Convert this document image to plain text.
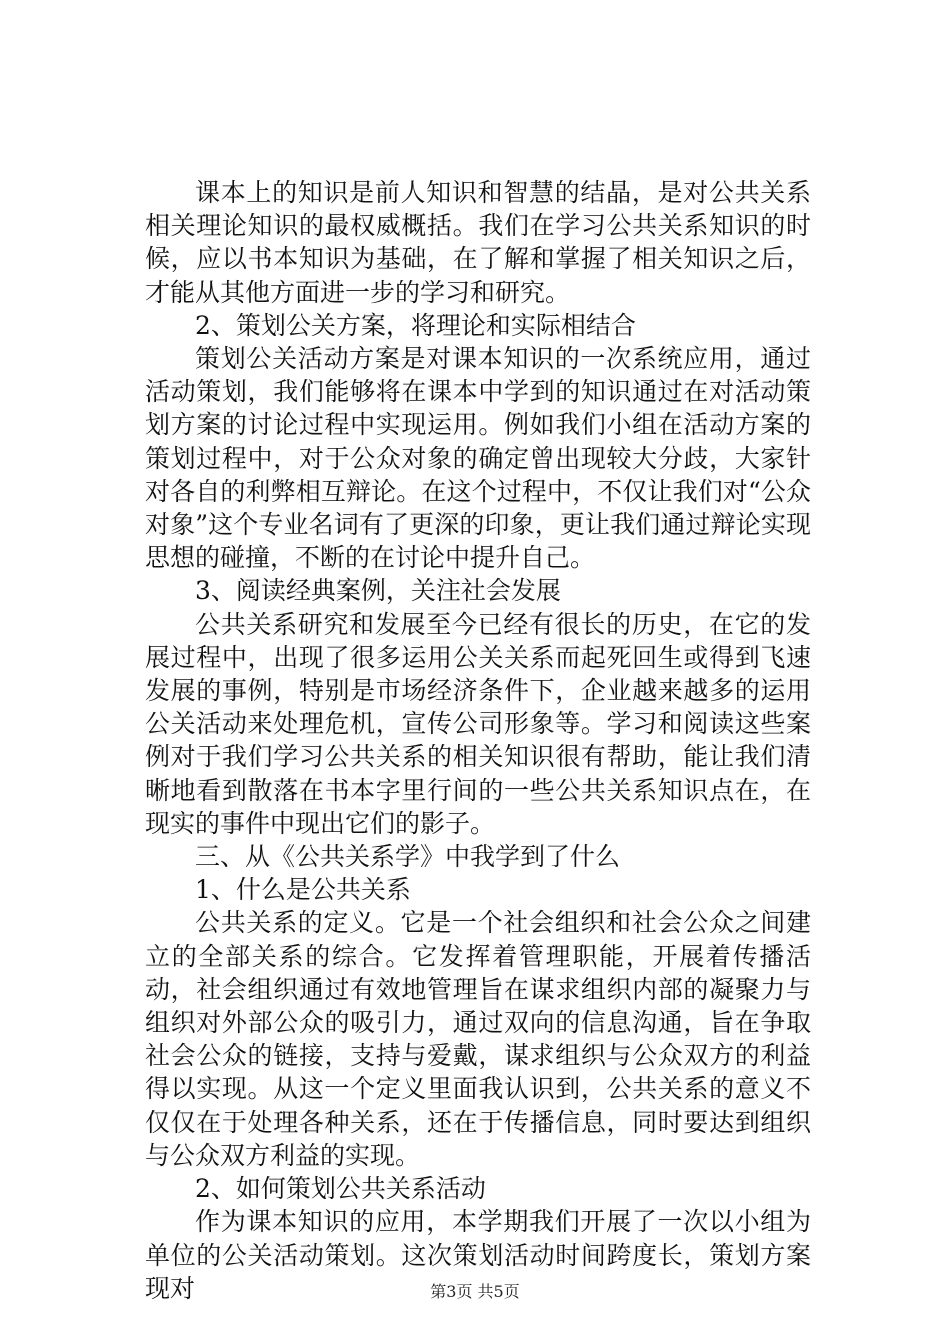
课本上的知识是前人知识和智慧的结晶，是对公共关系相关理论知识的最权威概括。我们在学习公共关系知识的时候，应以书本知识为基础，在了解和掌握了相关知识之后，才能从其他方面进一步的学习和研究。

2、策划公关方案，将理论和实际相结合

策划公关活动方案是对课本知识的一次系统应用，通过活动策划，我们能够将在课本中学到的知识通过在对活动策划方案的讨论过程中实现运用。例如我们小组在活动方案的策划过程中，对于公众对象的确定曾出现较大分歧，大家针对各自的利弊相互辩论。在这个过程中，不仅让我们对“公众对象”这个专业名词有了更深的印象，更让我们通过辩论实现思想的碰撞，不断的在讨论中提升自己。

3、阅读经典案例，关注社会发展

公共关系研究和发展至今已经有很长的历史，在它的发展过程中，出现了很多运用公关关系而起死回生或得到飞速发展的事例，特别是市场经济条件下，企业越来越多的运用公关活动来处理危机，宣传公司形象等。学习和阅读这些案例对于我们学习公共关系的相关知识很有帮助，能让我们清晰地看到散落在书本字里行间的一些公共关系知识点在，在现实的事件中现出它们的影子。

三、从《公共关系学》中我学到了什么

1、什么是公共关系

公共关系的定义。它是一个社会组织和社会公众之间建立的全部关系的综合。它发挥着管理职能，开展着传播活动，社会组织通过有效地管理旨在谋求组织内部的凝聚力与组织对外部公众的吸引力，通过双向的信息沟通，旨在争取社会公众的链接，支持与爱戴，谋求组织与公众双方的利益得以实现。从这一个定义里面我认识到，公共关系的意义不仅仅在于处理各种关系，还在于传播信息，同时要达到组织与公众双方利益的实现。

2、如何策划公共关系活动

作为课本知识的应用，本学期我们开展了一次以小组为单位的公关活动策划。这次策划活动时间跨度长，策划方案现对	第3页 共5页
